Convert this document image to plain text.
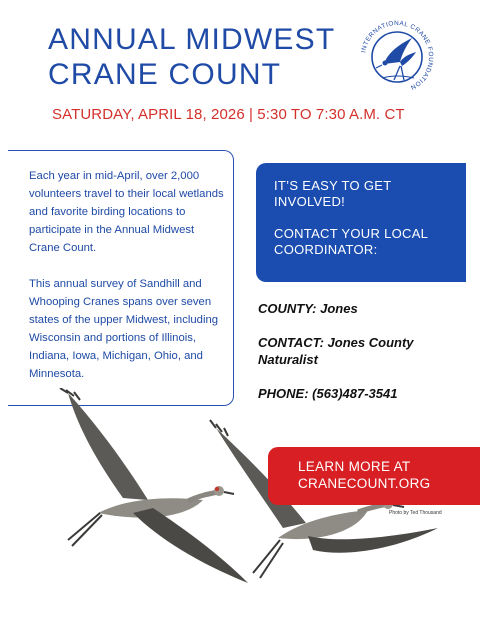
ANNUAL MIDWEST
CRANE COUNT
INTERNATIONAL CRANE FOUNDATION
SATURDAY, APRIL 18, 2026 | 5:30 TO 7:30 A.M. CT

Each year in mid-April, over 2,000 volunteers travel to their local wetlands and favorite birding locations to participate in the Annual Midwest Crane Count.

This annual survey of Sandhill and Whooping Cranes spans over seven states of the upper Midwest, including Wisconsin and portions of Illinois, Indiana, Iowa, Michigan, Ohio, and Minnesota.

IT’S EASY TO GET INVOLVED!

CONTACT YOUR LOCAL COORDINATOR:

COUNTY: Jones
CONTACT: Jones County Naturalist
PHONE: (563)487-3541
LEARN MORE AT
CRANECOUNT.ORG
Photo by Ted Thousand
